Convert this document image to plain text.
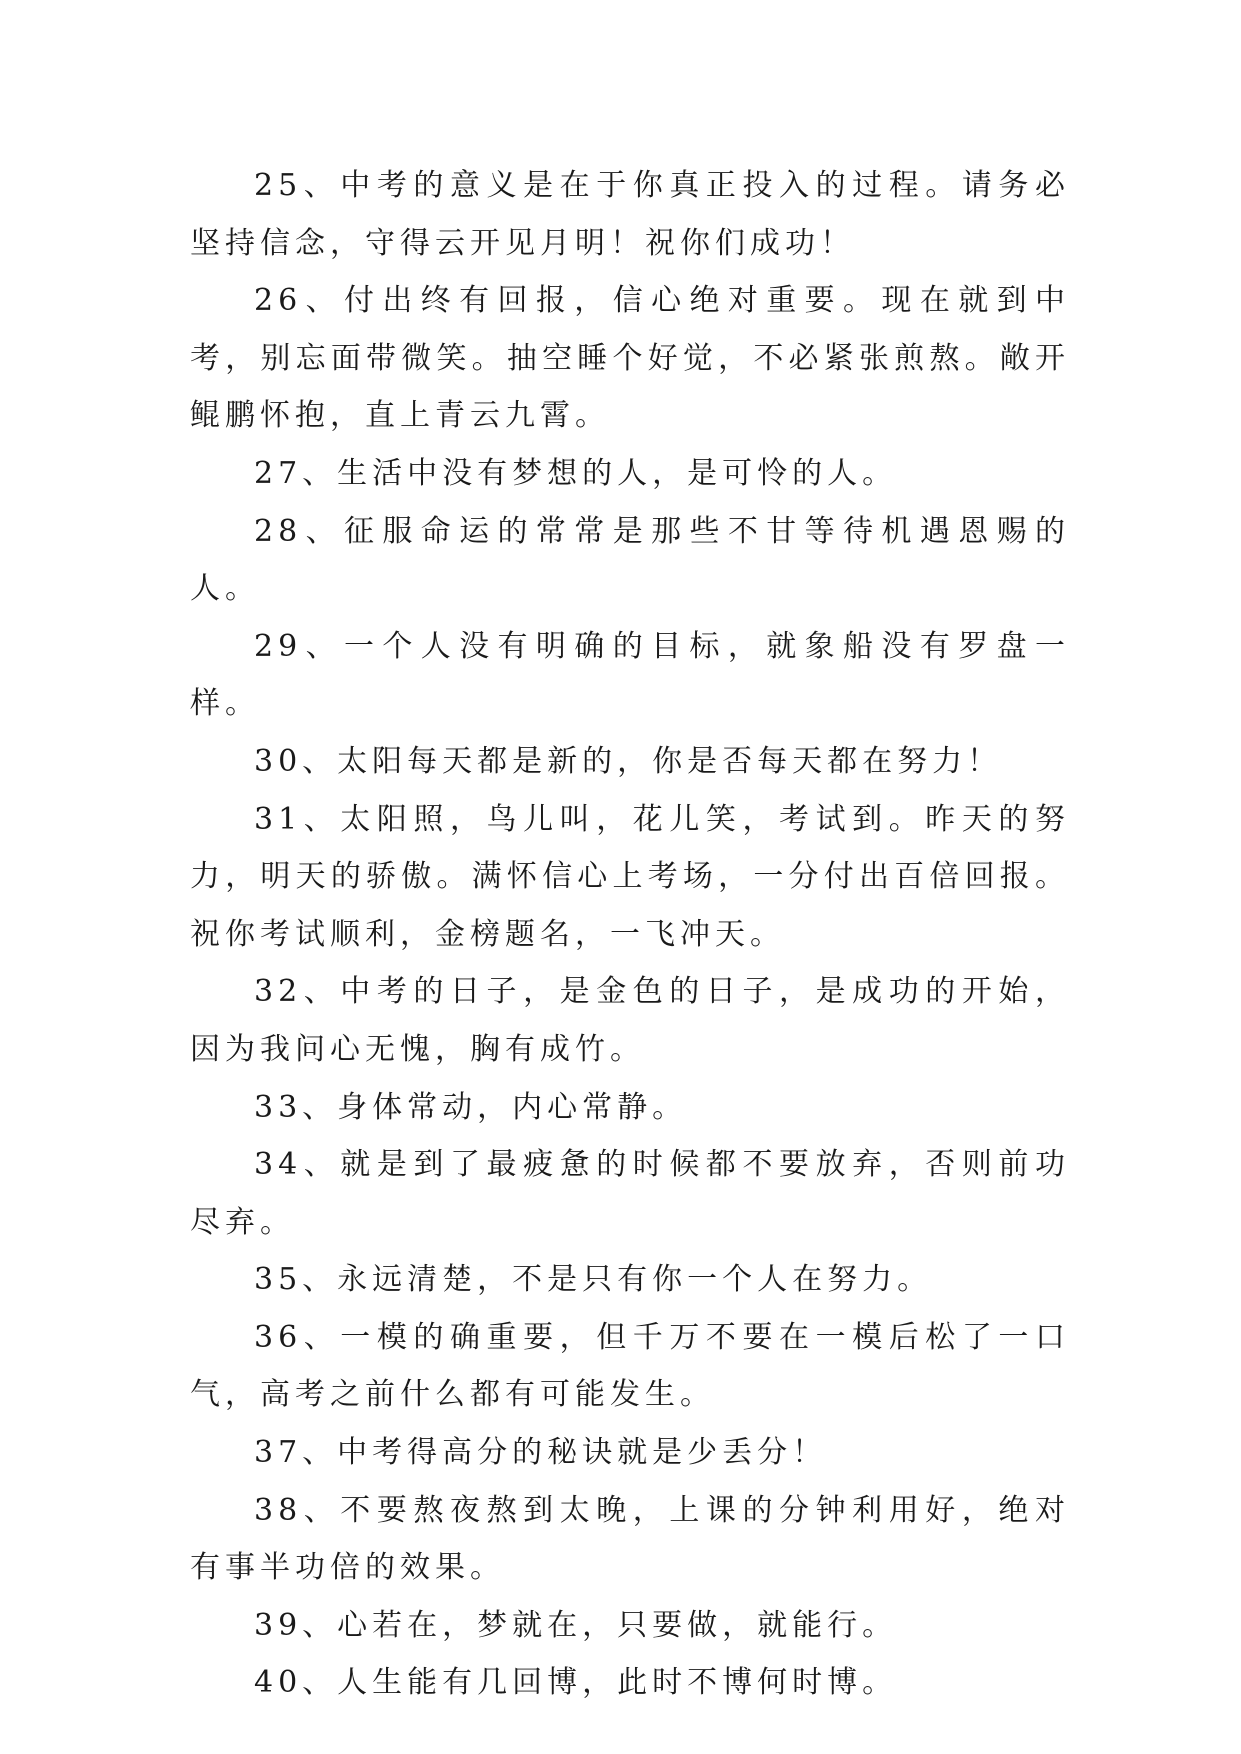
25、中考的意义是在于你真正投入的过程。请务必坚持信念，守得云开见月明！祝你们成功！

26、付出终有回报，信心绝对重要。现在就到中考，别忘面带微笑。抽空睡个好觉，不必紧张煎熬。敞开鲲鹏怀抱，直上青云九霄。

27、生活中没有梦想的人，是可怜的人。

28、征服命运的常常是那些不甘等待机遇恩赐的人。

29、一个人没有明确的目标，就象船没有罗盘一样。

30、太阳每天都是新的，你是否每天都在努力！

31、太阳照，鸟儿叫，花儿笑，考试到。昨天的努力，明天的骄傲。满怀信心上考场，一分付出百倍回报。祝你考试顺利，金榜题名，一飞冲天。

32、中考的日子，是金色的日子，是成功的开始，因为我问心无愧，胸有成竹。

33、身体常动，内心常静。

34、就是到了最疲惫的时候都不要放弃，否则前功尽弃。

35、永远清楚，不是只有你一个人在努力。

36、一模的确重要，但千万不要在一模后松了一口气，高考之前什么都有可能发生。

37、中考得高分的秘诀就是少丢分！

38、不要熬夜熬到太晚，上课的分钟利用好，绝对有事半功倍的效果。

39、心若在，梦就在，只要做，就能行。

40、人生能有几回博，此时不博何时博。
